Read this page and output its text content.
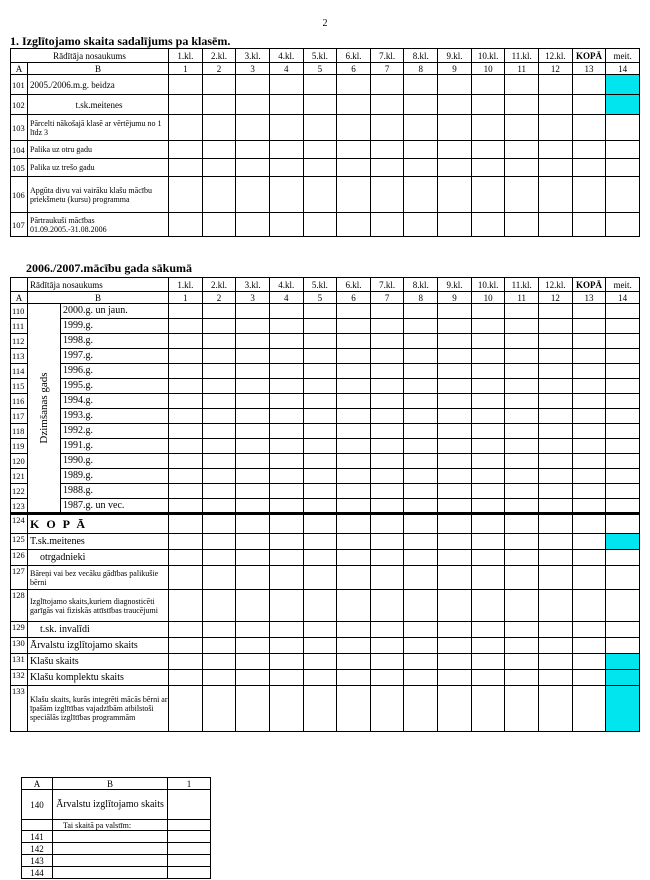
2
1. Izglītojamo skaita sadalījums pa klasēm.
Rādītāja nosaukums		1.kl.	2.kl.	3.kl.	4.kl.	5.kl.	6.kl.	7.kl.	8.kl.	9.kl.	10.kl.	11.kl.	12.kl.	KOPĀ	meit.
A	B	1	2	3	4	5	6	7	8	9	10	11	12	13	14
101	2005./2006.m.g. beidza														
102	t.sk.meitenes														
103	Pārcelti nākošajā klasē ar vērtējumu no 1 līdz 3														
104	Palika uz otru gadu														
105	Palika uz trešo gadu														
106	Apgūta divu vai vairāku klašu mācību priekšmetu (kursu) programma														
107	Pārtraukuši mācības 01.09.2005.-31.08.2006														
2006./2007.mācību gada sākumā
	Rādītāja nosaukums		1.kl.	2.kl.	3.kl.	4.kl.	5.kl.	6.kl.	7.kl.	8.kl.	9.kl.	10.kl.	11.kl.	12.kl.	KOPĀ	meit.
A	B		1	2	3	4	5	6	7	8	9	10	11	12	13	14
110	Dzimšanas gads	2000.g. un jaun.														
111		1999.g.														
112		1998.g.														
113		1997.g.														
114		1996.g.														
115		1995.g.														
116		1994.g.														
117		1993.g.														
118		1992.g.														
119		1991.g.														
120		1990.g.														
121		1989.g.														
122		1988.g.														
123		1987.g. un vec.														
124	K O P Ā															
125	T.sk.meitenes															
126	otrgadnieki															
127	Bāreņi vai bez vecāku gādības palikušie bērni															
128	Izglītojamo skaits,kuriem diagnosticēti garīgās vai fiziskās attīstības traucējumi															
129	t.sk. invalīdi															
130	Ārvalstu izglītojamo skaits															
131	Klašu skaits															
132	Klašu komplektu skaits															
133	Klašu skaits, kurās integrēti mācās bērni ar īpašām izglītības vajadzībām atbilstoši speciālās izglītības programmām															
A	B	1
140	Ārvalstu izglītojamo skaits	
	Tai skaitā pa valstīm:	
141		
142		
143		
144		
